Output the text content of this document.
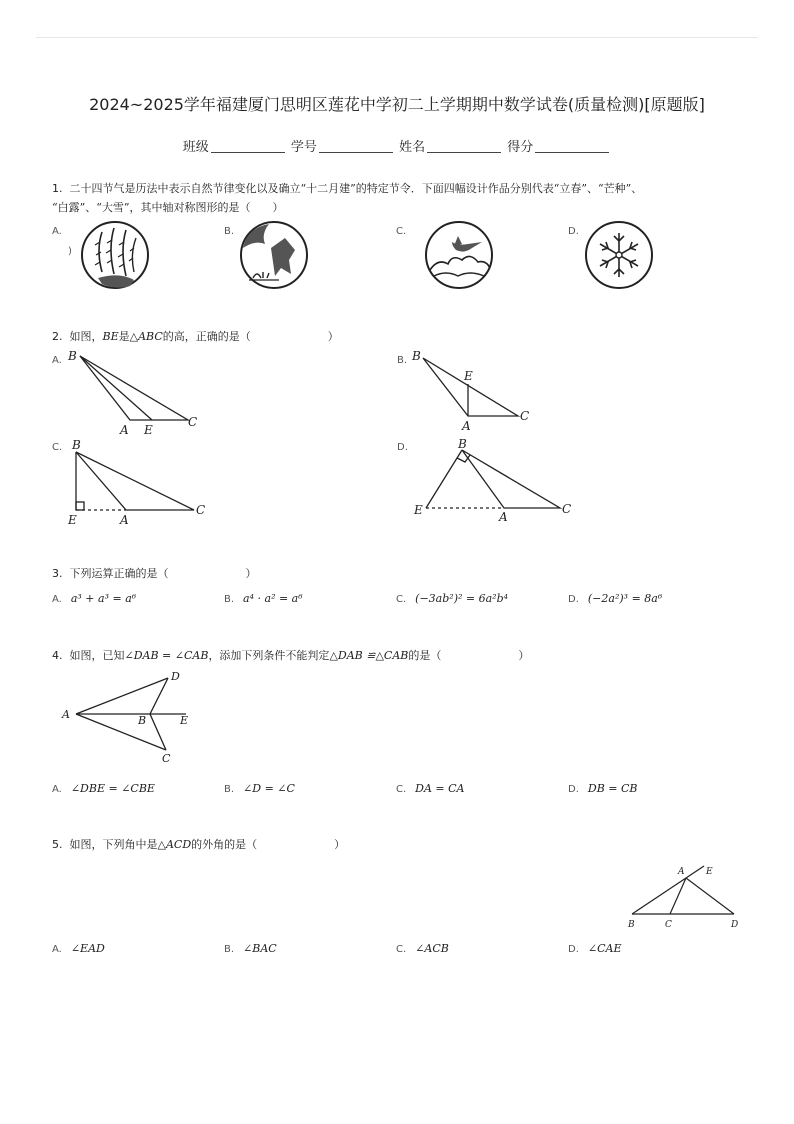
2024~2025学年福建厦门思明区莲花中学初二上学期期中数学试卷(质量检测)[原题版]
班级	学号	姓名	得分
1. 二十四节气是历法中表示自然节律变化以及确立“十二月建”的特定节令．下面四幅设计作品分别代表“立春”、“芒种”、
“白露”、“大雪”，其中轴对称图形的是（　　）
A.
)
B.	C.	D.
2. 如图，BE是△ABC的高，正确的是（　　　　　　　）
A. B
A E
C
B. B
E
A
C
C. B
E	A
C
D.	B
E	A
C
3. 下列运算正确的是（　　　　　　　）
A. a³ + a³ = a⁶	B. a⁴ · a² = a⁶	C. (−3ab²)² = 6a²b⁴	D. (−2a²)³ = 8a⁶
4. 如图，已知∠DAB = ∠CAB，添加下列条件不能判定△DAB ≌△CAB的是（　　　　　　　）
A
D
B	E
C
A. ∠DBE = ∠CBE	B. ∠D = ∠C	C. DA = CA	D. DB = CB
5. 如图，下列角中是△ACD的外角的是（　　　　　　　）
A E
B	C	D
A. ∠EAD	B. ∠BAC	C. ∠ACB	D. ∠CAE
